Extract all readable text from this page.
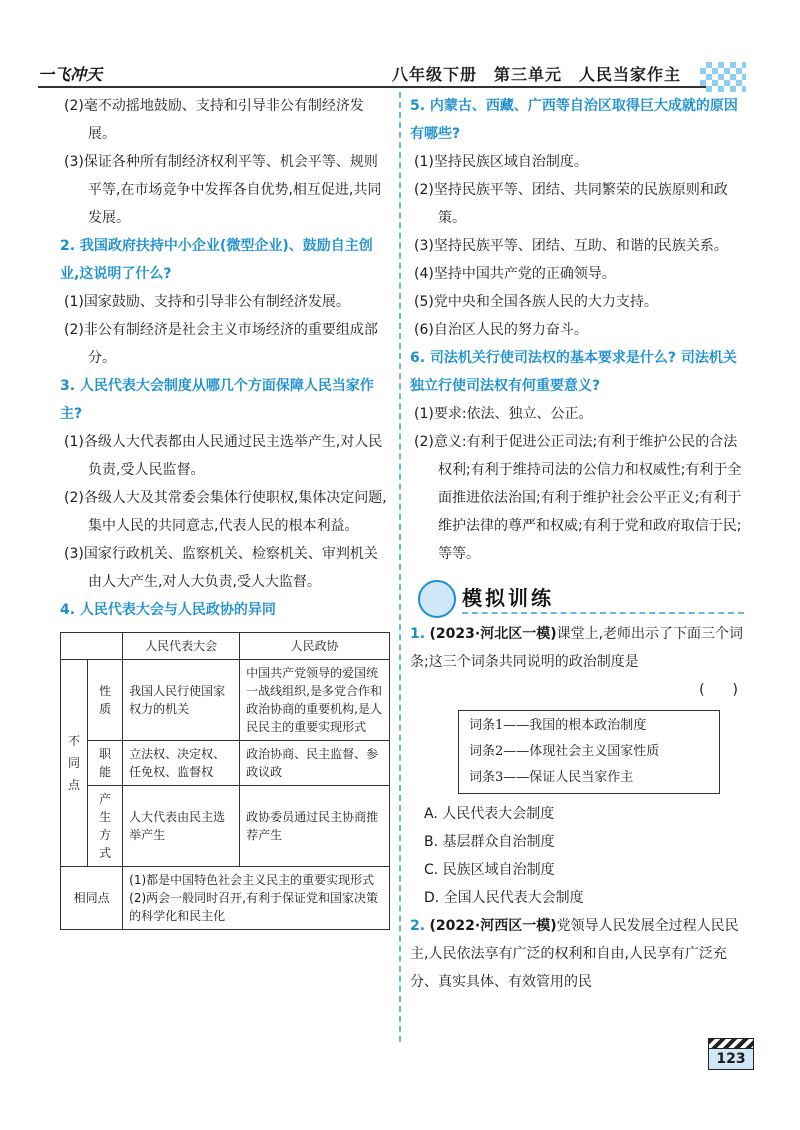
一飞冲天	八年级下册　第三单元　人民当家作主
(2)毫不动摇地鼓励、支持和引导非公有制经济发展。
(3)保证各种所有制经济权利平等、机会平等、规则平等,在市场竞争中发挥各自优势,相互促进,共同发展。
2. 我国政府扶持中小企业(微型企业)、鼓励自主创业,这说明了什么?
(1)国家鼓励、支持和引导非公有制经济发展。
(2)非公有制经济是社会主义市场经济的重要组成部分。
3. 人民代表大会制度从哪几个方面保障人民当家作主?
(1)各级人大代表都由人民通过民主选举产生,对人民负责,受人民监督。
(2)各级人大及其常委会集体行使职权,集体决定问题,集中人民的共同意志,代表人民的根本利益。
(3)国家行政机关、监察机关、检察机关、审判机关由人大产生,对人大负责,受人大监督。
4. 人民代表大会与人民政协的异同
		人民代表大会	人民政协
不同点	性质	我国人民行使国家权力的机关	中国共产党领导的爱国统一战线组织,是多党合作和政治协商的重要机构,是人民民主的重要实现形式
	职能	立法权、决定权、任免权、监督权	政治协商、民主监督、参政议政
	产生方式	人大代表由民主选举产生	政协委员通过民主协商推荐产生
相同点		(1)都是中国特色社会主义民主的重要实现形式
(2)两会一般同时召开,有利于保证党和国家决策的科学化和民主化	
5. 内蒙古、西藏、广西等自治区取得巨大成就的原因有哪些?
(1)坚持民族区域自治制度。
(2)坚持民族平等、团结、共同繁荣的民族原则和政策。
(3)坚持民族平等、团结、互助、和谐的民族关系。
(4)坚持中国共产党的正确领导。
(5)党中央和全国各族人民的大力支持。
(6)自治区人民的努力奋斗。
6. 司法机关行使司法权的基本要求是什么? 司法机关独立行使司法权有何重要意义?
(1)要求:依法、独立、公正。
(2)意义:有利于促进公正司法;有利于维护公民的合法权利;有利于维持司法的公信力和权威性;有利于全面推进依法治国;有利于维护社会公平正义;有利于维护法律的尊严和权威;有利于党和政府取信于民;等等。
模拟训练
1. (2023·河北区一模)课堂上,老师出示了下面三个词条;这三个词条共同说明的政治制度是
(　　)
词条1——我国的根本政治制度
词条2——体现社会主义国家性质
词条3——保证人民当家作主
A. 人民代表大会制度
B. 基层群众自治制度
C. 民族区域自治制度
D. 全国人民代表大会制度
2. (2022·河西区一模)党领导人民发展全过程人民民主,人民依法享有广泛的权利和自由,人民享有广泛充分、真实具体、有效管用的民
123
